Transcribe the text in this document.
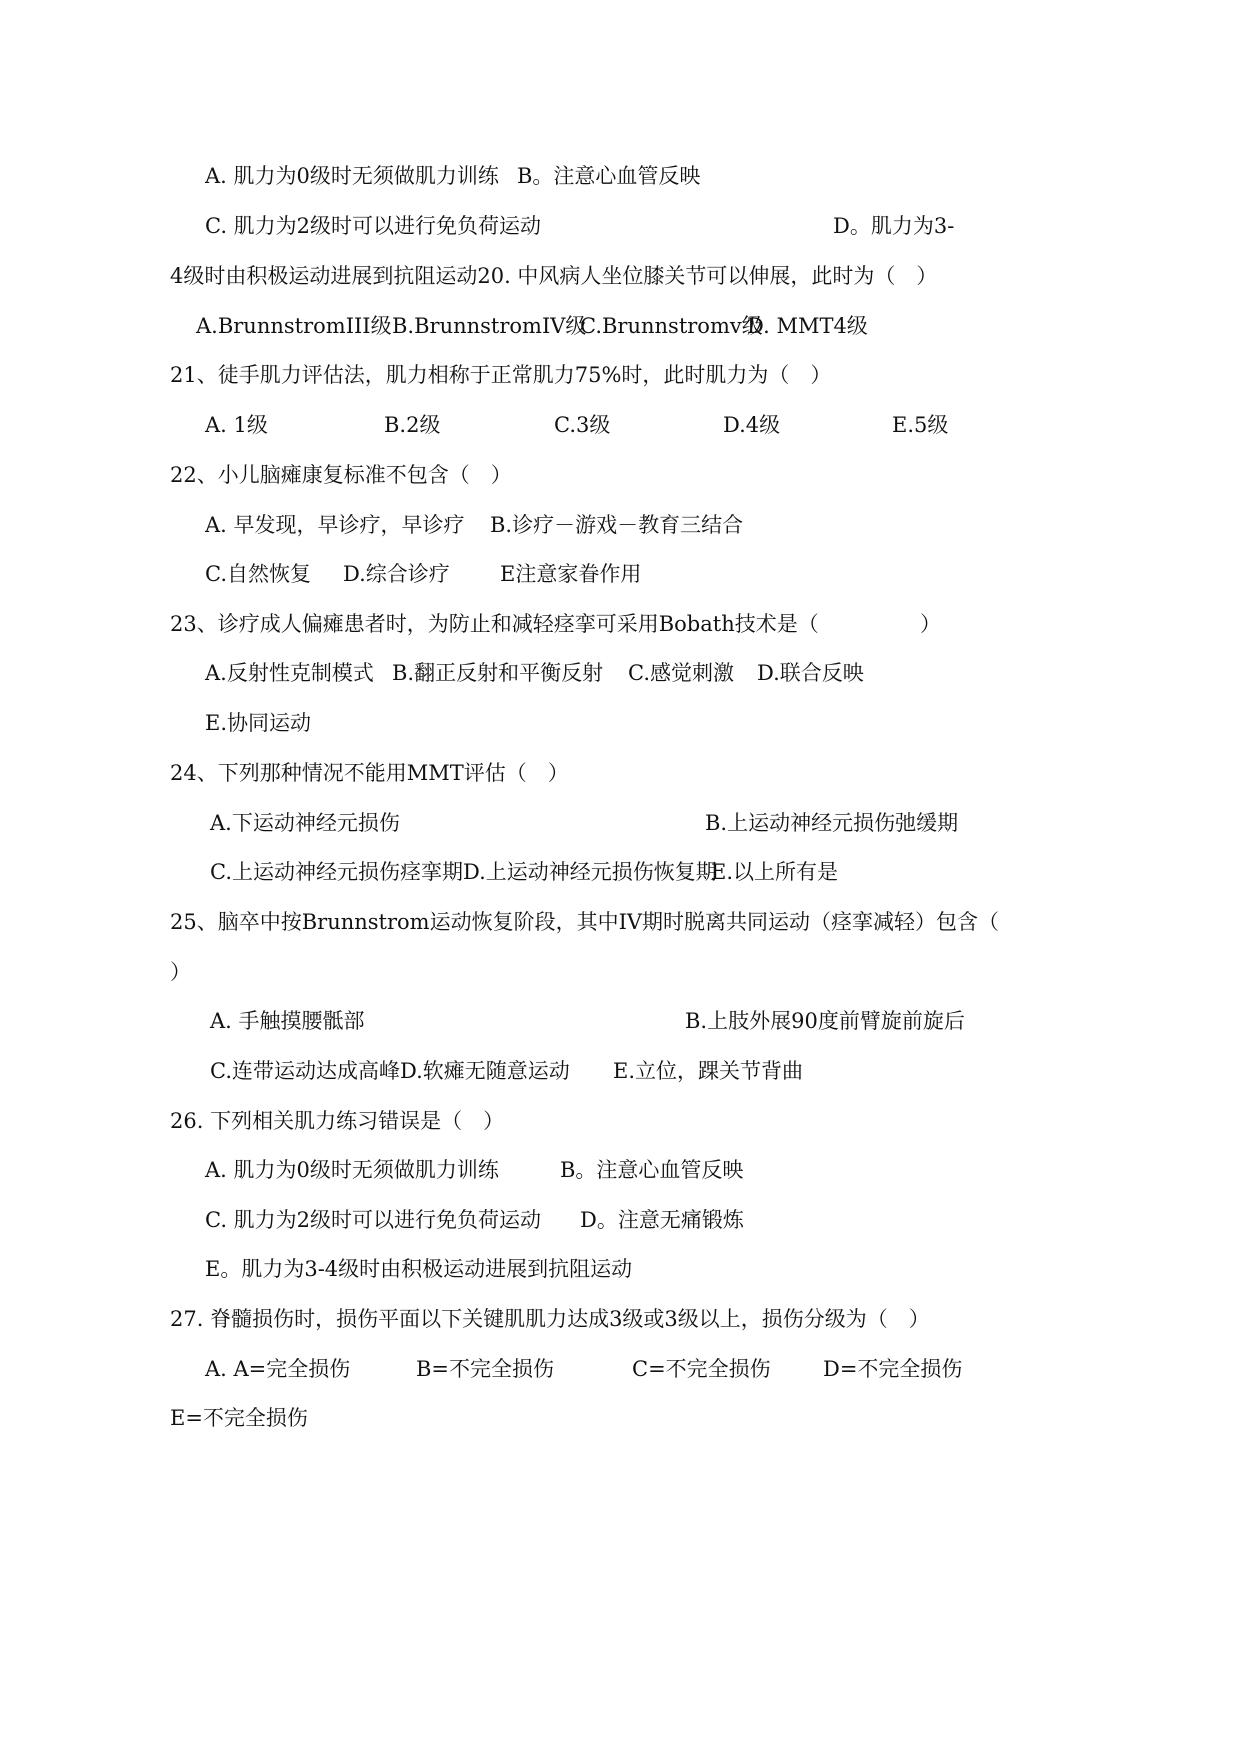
A. 肌力为0级时无须做肌力训练 B。注意心血管反映
C. 肌力为2级时可以进行免负荷运动	D。肌力为3-
4级时由积极运动进展到抗阻运动20. 中风病人坐位膝关节可以伸展，此时为（　）
A.BrunnstromIII级 B.BrunnstromIV级
C.Brunnstromv级
D. MMT4级
21、徒手肌力评估法，肌力相称于正常肌力75%时，此时肌力为（　）
A. 1级	B.2级	C.3级	D.4级	E.5级
22、小儿脑瘫康复标准不包含（　）
A. 早发现，早诊疗，早诊疗 B.诊疗－游戏－教育三结合
C.自然恢复 D.综合诊疗 E注意家眷作用
23、诊疗成人偏瘫患者时，为防止和减轻痉挛可采用Bobath技术是（	）
A.反射性克制模式 B.翻正反射和平衡反射 C.感觉刺激 D.联合反映
E.协同运动
24、下列那种情况不能用MMT评估（　）
A.下运动神经元损伤	B.上运动神经元损伤弛缓期
C.上运动神经元损伤痉挛期D.上运动神经元损伤恢复期
E.以上所有是
25、脑卒中按Brunnstrom运动恢复阶段，其中IV期时脱离共同运动（痉挛减轻）包含（
）
A. 手触摸腰骶部	B.上肢外展90度前臂旋前旋后
C.连带运动达成高峰D.软瘫无随意运动 E.立位，踝关节背曲
26. 下列相关肌力练习错误是（　）
A. 肌力为0级时无须做肌力训练	B。注意心血管反映
C. 肌力为2级时可以进行免负荷运动 D。注意无痛锻炼
E。肌力为3-4级时由积极运动进展到抗阻运动
27. 脊髓损伤时，损伤平面以下关键肌肌力达成3级或3级以上，损伤分级为（　）
A. A=完全损伤	B=不完全损伤	C=不完全损伤 D=不完全损伤
E=不完全损伤
